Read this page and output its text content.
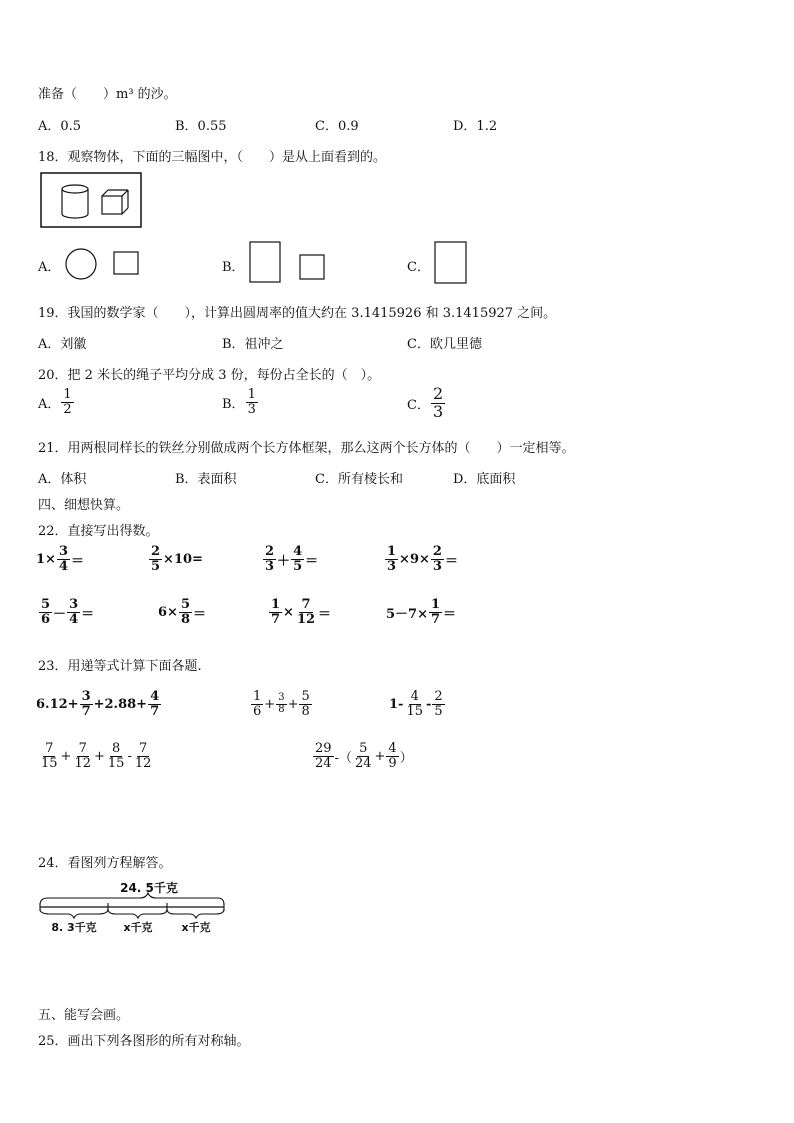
准备（　　）m³ 的沙。
A．0.5	B．0.55	C．0.9	D．1.2
18．观察物体，下面的三幅图中，（　　）是从上面看到的。
A．	B．	C．
19．我国的数学家（　　），计算出圆周率的值大约在 3.1415926 和 3.1415927 之间。
A．刘徽	B．祖冲之	C．欧几里德
20．把 2 米长的绳子平均分成 3 份，每份占全长的（　）。
A． $\frac{1}{2}$	B． $\frac{1}{3}$	C． $\frac{2}{3}$
21．用两根同样长的铁丝分别做成两个长方体框架，那么这两个长方体的（　　）一定相等。
A．体积	B．表面积	C．所有棱长和	D．底面积
四、细想快算。
22．直接写出得数。
$1\times \frac{3}{4}$ ＝	$\frac{2}{5} \times 10=$	$\frac{2}{3} + \frac{4}{5}$ ＝	$\frac{1}{3} \times 9\times \frac{2}{3}$ ＝
$\frac{5}{6} - \frac{3}{4}$ ＝	$6\times \frac{5}{8}$ ＝	$\frac{1}{7} \times \frac{7}{12}$ ＝	$5-7\times \frac{1}{7}$ ＝
23．用递等式计算下面各题.
$6.12+ \frac{3}{7} +2.88+ \frac{4}{7}$	$\frac{1}{6} + \frac{3}{8} + \frac{5}{8}$	$1- \frac{4}{15} - \frac{2}{5}$
$\frac{7}{15} + \frac{7}{12} + \frac{8}{15} - \frac{7}{12}$	$\frac{29}{24}$ -（ $\frac{5}{24} + \frac{4}{9}$ ）
24．看图列方程解答。
24. 5千克
8. 3千克 x千克	x千克
五、能写会画。
25．画出下列各图形的所有对称轴。
